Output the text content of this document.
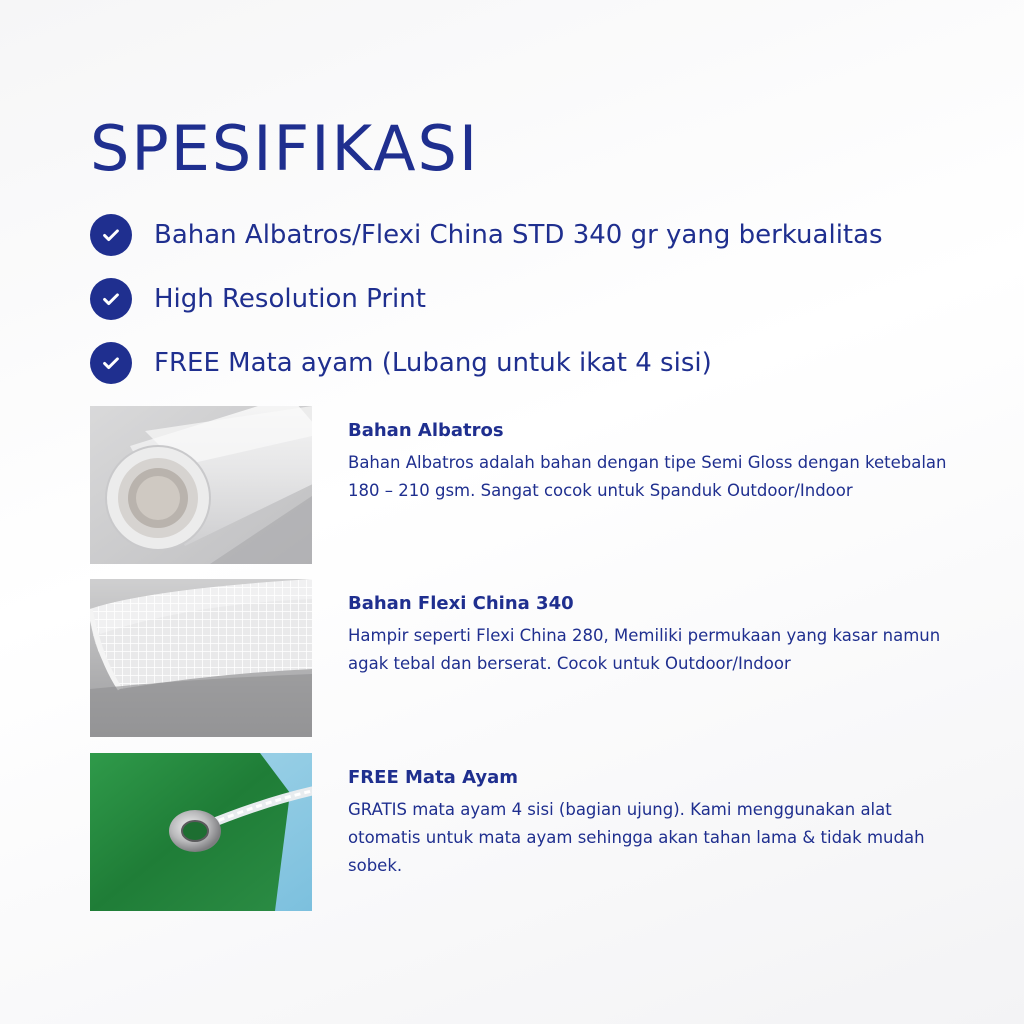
SPESIFIKASI
Bahan Albatros/Flexi China STD 340 gr yang berkualitas
High Resolution Print
FREE Mata ayam (Lubang untuk ikat 4 sisi)

Bahan Albatros

Bahan Albatros adalah bahan dengan tipe Semi Gloss dengan ketebalan 180 – 210 gsm. Sangat cocok untuk Spanduk Outdoor/Indoor

Bahan Flexi China 340

Hampir seperti Flexi China 280, Memiliki permukaan yang kasar namun agak tebal dan berserat. Cocok untuk Outdoor/Indoor

FREE Mata Ayam

GRATIS mata ayam 4 sisi (bagian ujung). Kami menggunakan alat otomatis untuk mata ayam sehingga akan tahan lama & tidak mudah sobek.
